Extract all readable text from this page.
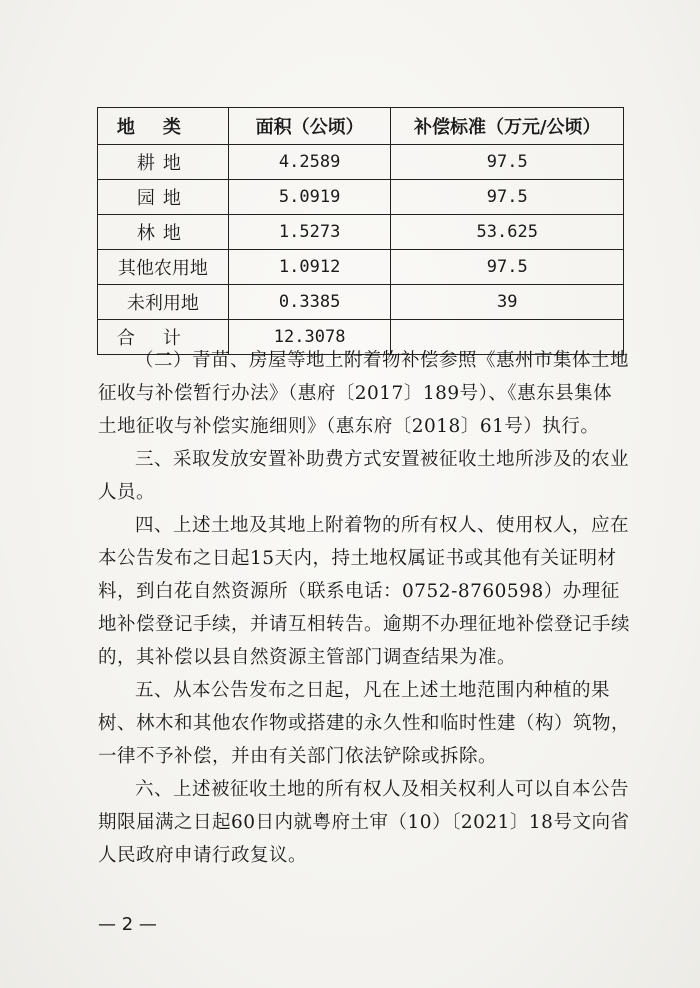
地类	面积（公顷）	补偿标准（万元/公顷）
耕地	4.2589	97.5
园地	5.0919	97.5
林地	1.5273	53.625
其他农用地	1.0912	97.5
未利用地	0.3385	39
合计	12.3078	

（二）青苗、房屋等地上附着物补偿参照《惠州市集体土地征收与补偿暂行办法》（惠府〔2017〕189号）、《惠东县集体土地征收与补偿实施细则》（惠东府〔2018〕61号）执行。

三、采取发放安置补助费方式安置被征收土地所涉及的农业人员。

四、上述土地及其地上附着物的所有权人、使用权人，应在本公告发布之日起15天内，持土地权属证书或其他有关证明材料，到白花自然资源所（联系电话：0752-8760598）办理征地补偿登记手续，并请互相转告。逾期不办理征地补偿登记手续的，其补偿以县自然资源主管部门调查结果为准。

五、从本公告发布之日起，凡在上述土地范围内种植的果树、林木和其他农作物或搭建的永久性和临时性建（构）筑物，一律不予补偿，并由有关部门依法铲除或拆除。

六、上述被征收土地的所有权人及相关权利人可以自本公告期限届满之日起60日内就粤府土审（10）〔2021〕18号文向省人民政府申请行政复议。

— 2 —
